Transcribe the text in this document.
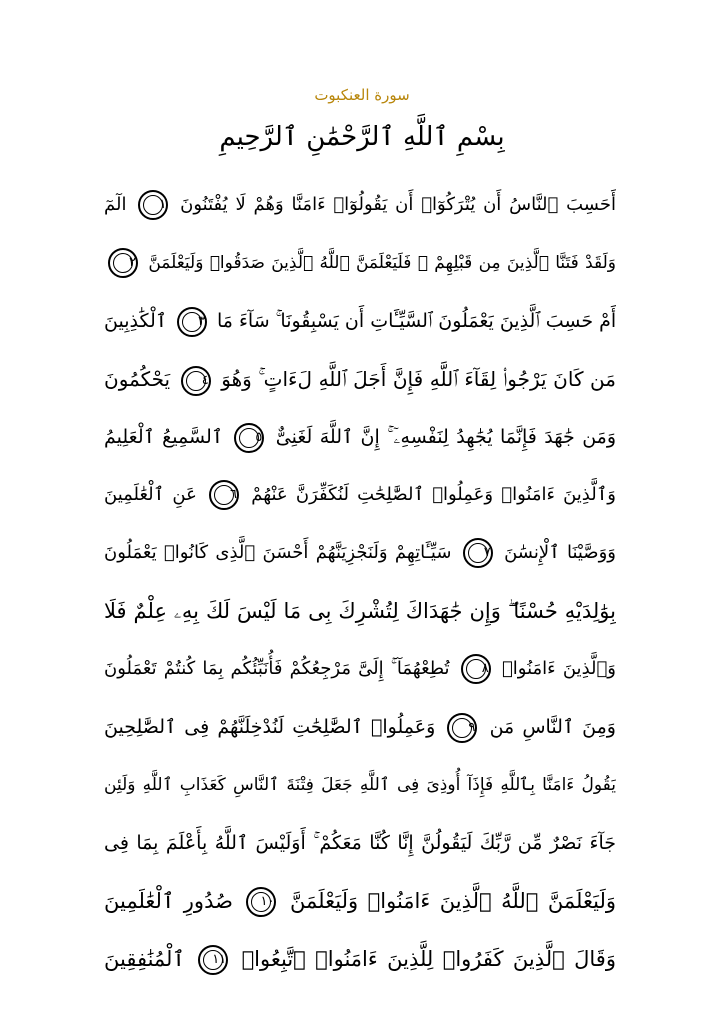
سورة العنكبوت
بِسْمِ ٱللَّهِ ٱلرَّحْمَٰنِ ٱلرَّحِيمِ
الٓمٓ	١ أَحَسِبَ ٱلنَّاسُ أَن يُتْرَكُوٓا۟ أَن يَقُولُوٓا۟ ءَامَنَّا وَهُمْ لَا يُفْتَنُونَ
٢ وَلَقَدْ فَتَنَّا ٱلَّذِينَ مِن قَبْلِهِمْ ۖ فَلَيَعْلَمَنَّ ٱللَّهُ ٱلَّذِينَ صَدَقُوا۟ وَلَيَعْلَمَنَّ
ٱلْكَٰذِبِينَ ٣ أَمْ حَسِبَ ٱلَّذِينَ يَعْمَلُونَ ٱلسَّيِّـَٔاتِ أَن يَسْبِقُونَا ۚ سَآءَ مَا
يَحْكُمُونَ ٤ مَن كَانَ يَرْجُوا۟ لِقَآءَ ٱللَّهِ فَإِنَّ أَجَلَ ٱللَّهِ لَءَاتٍ ۚ وَهُوَ
ٱلسَّمِيعُ ٱلْعَلِيمُ ٥ وَمَن جَٰهَدَ فَإِنَّمَا يُجَٰهِدُ لِنَفْسِهِۦٓ ۚ إِنَّ ٱللَّهَ لَغَنِىٌّ
عَنِ ٱلْعَٰلَمِينَ	٦ وَٱلَّذِينَ ءَامَنُوا۟ وَعَمِلُوا۟ ٱلصَّٰلِحَٰتِ لَنُكَفِّرَنَّ عَنْهُمْ
سَيِّـَٔاتِهِمْ وَلَنَجْزِيَنَّهُمْ أَحْسَنَ ٱلَّذِى كَانُوا۟ يَعْمَلُونَ ٧ وَوَصَّيْنَا ٱلْإِنسَٰنَ
بِوَٰلِدَيْهِ حُسْنًا ۖ وَإِن جَٰهَدَاكَ لِتُشْرِكَ بِى مَا لَيْسَ لَكَ بِهِۦ عِلْمٌ فَلَا
تُطِعْهُمَآ ۚ إِلَىَّ مَرْجِعُكُمْ فَأُنَبِّئُكُم بِمَا كُنتُمْ تَعْمَلُونَ ٨ وَٱلَّذِينَ ءَامَنُوا۟
وَعَمِلُوا۟ ٱلصَّٰلِحَٰتِ لَنُدْخِلَنَّهُمْ فِى ٱلصَّٰلِحِينَ	٩ وَمِنَ ٱلنَّاسِ مَن
يَقُولُ ءَامَنَّا بِٱللَّهِ فَإِذَآ أُوذِىَ فِى ٱللَّهِ جَعَلَ فِتْنَةَ ٱلنَّاسِ كَعَذَابِ ٱللَّهِ وَلَئِن
جَآءَ نَصْرٌ مِّن رَّبِّكَ لَيَقُولُنَّ إِنَّا كُنَّا مَعَكُمْ ۚ أَوَلَيْسَ ٱللَّهُ بِأَعْلَمَ بِمَا فِى
صُدُورِ ٱلْعَٰلَمِينَ ١٠ وَلَيَعْلَمَنَّ ٱللَّهُ ٱلَّذِينَ ءَامَنُوا۟ وَلَيَعْلَمَنَّ
ٱلْمُنَٰفِقِينَ ١١ وَقَالَ ٱلَّذِينَ كَفَرُوا۟ لِلَّذِينَ ءَامَنُوا۟ ٱتَّبِعُوا۟
